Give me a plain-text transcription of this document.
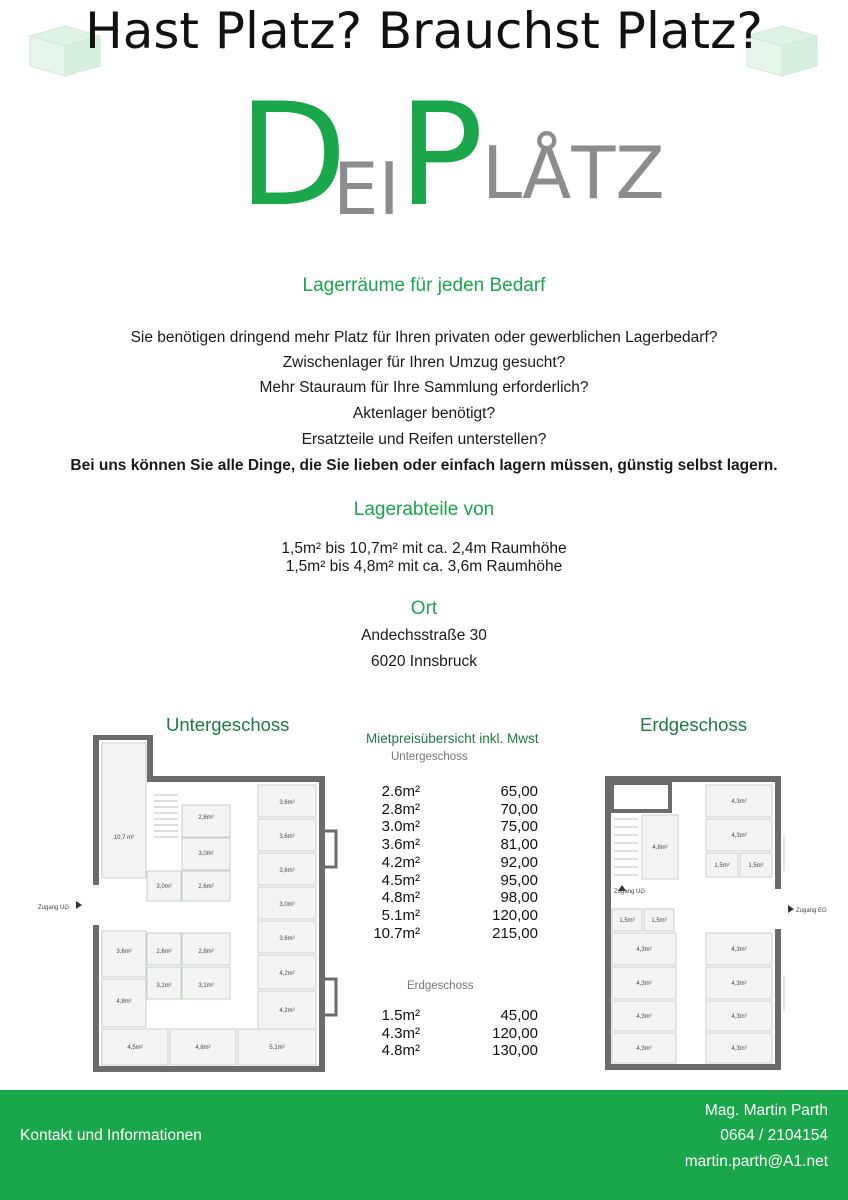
Hast Platz? Brauchst Platz?
D
EI
P
LÅTZ
Lagerräume für jeden Bedarf
Sie benötigen dringend mehr Platz für Ihren privaten oder gewerblichen Lagerbedarf?
Zwischenlager für Ihren Umzug gesucht?
Mehr Stauraum für Ihre Sammlung erforderlich?
Aktenlager benötigt?
Ersatzteile und Reifen unterstellen?
Bei uns können Sie alle Dinge, die Sie lieben oder einfach lagern müssen, günstig selbst lagern.
Lagerabteile von
1,5m² bis 10,7m² mit ca. 2,4m Raumhöhe
1,5m² bis 4,8m² mit ca. 3,6m Raumhöhe
Ort
Andechsstraße 30
6020 Innsbruck
Untergeschoss	Erdgeschoss
10,7 m²
2,8m²
3,0m²
3,0m²	2,6m²
3,6m²
3,6m²
3,6m²
3,0m²
3,6m²
4,2m²
4,2m²
3,6m²	2,6m²	2,8m²
3,1m²	3,1m²
4,8m²
4,5m²	4,8m²	5,1m²
Zugang UG
4,3m²
4,3m²
4,8m²
1,5m²	1,5m²
1,5m²	1,5m²
4,3m²
4,3m²
4,3m²
4,3m²
4,3m²
4,3m²
4,3m²
4,3m²
Zugang UG
Zugang EG
Mietpreisübersicht inkl. Mwst
Untergeschoss
2.6m²	65,00
2.8m²	70,00
3.0m²	75,00
3.6m²	81,00
4.2m²	92,00
4.5m²	95,00
4.8m²	98,00
5.1m²	120,00
10.7m²	215,00
Erdgeschoss
1.5m²	45,00
4.3m²	120,00
4.8m²	130,00
Kontakt und Informationen
Mag. Martin Parth
0664 / 2104154
martin.parth@A1.net
